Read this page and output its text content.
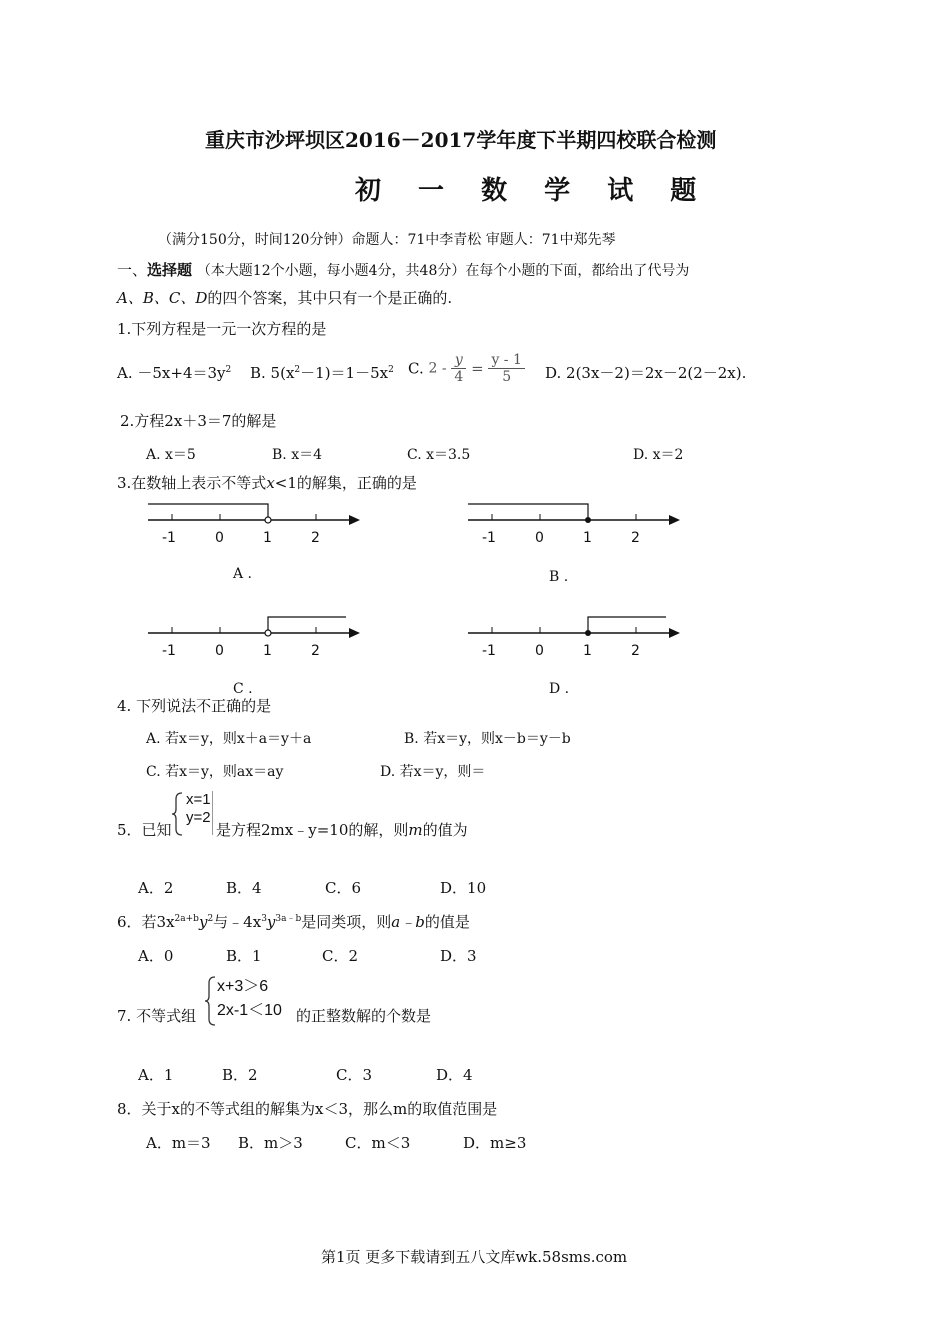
重庆市沙坪坝区2016－2017学年度下半期四校联合检测
初 一 数 学 试 题
（满分150分，时间120分钟）命题人：71中李青松 审题人：71中郑先琴
一、选择题 （本大题12个小题，每小题4分，共48分）在每个小题的下面，都给出了代号为
A、B、C、D的四个答案，其中只有一个是正确的.
1.下列方程是一元一次方程的是
A. $-5x+4=3y^2$ B. $5(x^2-1)=1-5x^2$ C. $2 - \frac{y}{4} = \frac{y - 1}{5} D$. 2(3x－2)＝2x－2(2－2x).
2.方程2x＋3＝7的解是
A. x＝5	B. x＝4	C. x＝3.5	D. x＝2
3.在数轴上表示不等式x<1的解集，正确的是
-1	0	1	2	-1	0	1	2
-1	0	1	2	-1	0	1	2
A .	B .
C .	D .
4. 下列说法不正确的是
A. 若x＝y，则x＋a＝y＋a	B. 若x＝y，则x－b＝y－b
C. 若x＝y，则ax＝ay	D. 若x＝y，则＝
5．已知
x=1
y=2
是方程2mx﹣y=10的解，则m的值为
A．2	B．4	C．6	D．10
6．若$3x^{2a+b}y^2$与$﹣4x^3y^{3a﹣b}$是同类项，则a﹣b的值是
A．0	B．1	C．2	D．3
7. 不等式组
x+3＞6
2x-1＜10 的正整数解的个数是
A．1	B．2	C．3	D．4
8．关于x的不等式组的解集为x＜3，那么m的取值范围是
A．m＝3 B．m＞3	C．m＜3	D．m≥3
第1页 更多下载请到五八文库wk.58sms.com
